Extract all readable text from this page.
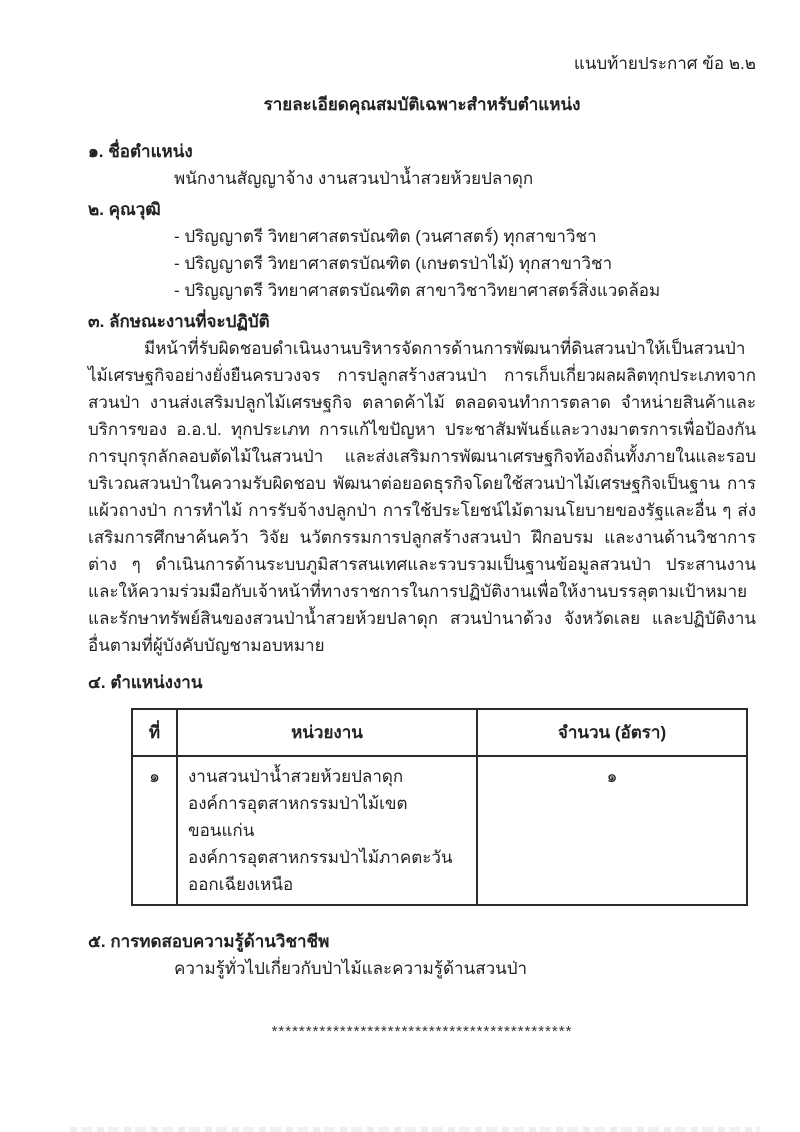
แนบท้ายประกาศ ข้อ ๒.๒
รายละเอียดคุณสมบัติเฉพาะสำหรับตำแหน่ง
๑. ชื่อตำแหน่ง
พนักงานสัญญาจ้าง งานสวนป่าน้ำสวยห้วยปลาดุก
๒. คุณวุฒิ
- ปริญญาตรี วิทยาศาสตรบัณฑิต (วนศาสตร์) ทุกสาขาวิชา
- ปริญญาตรี วิทยาศาสตรบัณฑิต (เกษตรป่าไม้) ทุกสาขาวิชา
- ปริญญาตรี วิทยาศาสตรบัณฑิต สาขาวิชาวิทยาศาสตร์สิ่งแวดล้อม
๓. ลักษณะงานที่จะปฏิบัติ
มีหน้าที่รับผิดชอบดำเนินงานบริหารจัดการด้านการพัฒนาที่ดินสวนป่าให้เป็นสวนป่าไม้เศรษฐกิจอย่างยั่งยืนครบวงจร การปลูกสร้างสวนป่า การเก็บเกี่ยวผลผลิตทุกประเภทจากสวนป่า งานส่งเสริมปลูกไม้เศรษฐกิจ ตลาดค้าไม้ ตลอดจนทำการตลาด จำหน่ายสินค้าและบริการของ อ.อ.ป. ทุกประเภท การแก้ไขปัญหา ประชาสัมพันธ์และวางมาตรการเพื่อป้องกันการบุกรุกลักลอบตัดไม้ในสวนป่า และส่งเสริมการพัฒนาเศรษฐกิจท้องถิ่นทั้งภายในและรอบบริเวณสวนป่าในความรับผิดชอบ พัฒนาต่อยอดธุรกิจโดยใช้สวนป่าไม้เศรษฐกิจเป็นฐาน การแผ้วถางป่า การทำไม้ การรับจ้างปลูกป่า การใช้ประโยชน์ไม้ตามนโยบายของรัฐและอื่น ๆ ส่งเสริมการศึกษาค้นคว้า วิจัย นวัตกรรมการปลูกสร้างสวนป่า ฝึกอบรม และงานด้านวิชาการต่าง ๆ ดำเนินการด้านระบบภูมิสารสนเทศและรวบรวมเป็นฐานข้อมูลสวนป่า ประสานงานและให้ความร่วมมือกับเจ้าหน้าที่ทางราชการในการปฏิบัติงานเพื่อให้งานบรรลุตามเป้าหมาย และรักษาทรัพย์สินของสวนป่าน้ำสวยห้วยปลาดุก สวนป่านาด้วง จังหวัดเลย และปฏิบัติงานอื่นตามที่ผู้บังคับบัญชามอบหมาย
๔. ตำแหน่งงาน
ที่	หน่วยงาน	จำนวน (อัตรา)
๑	งานสวนป่าน้ำสวยห้วยปลาดุก
องค์การอุตสาหกรรมป่าไม้เขตขอนแก่น
องค์การอุตสาหกรรมป่าไม้ภาคตะวันออกเฉียงเหนือ	๑
๕. การทดสอบความรู้ด้านวิชาชีพ
ความรู้ทั่วไปเกี่ยวกับป่าไม้และความรู้ด้านสวนป่า
********************************************
